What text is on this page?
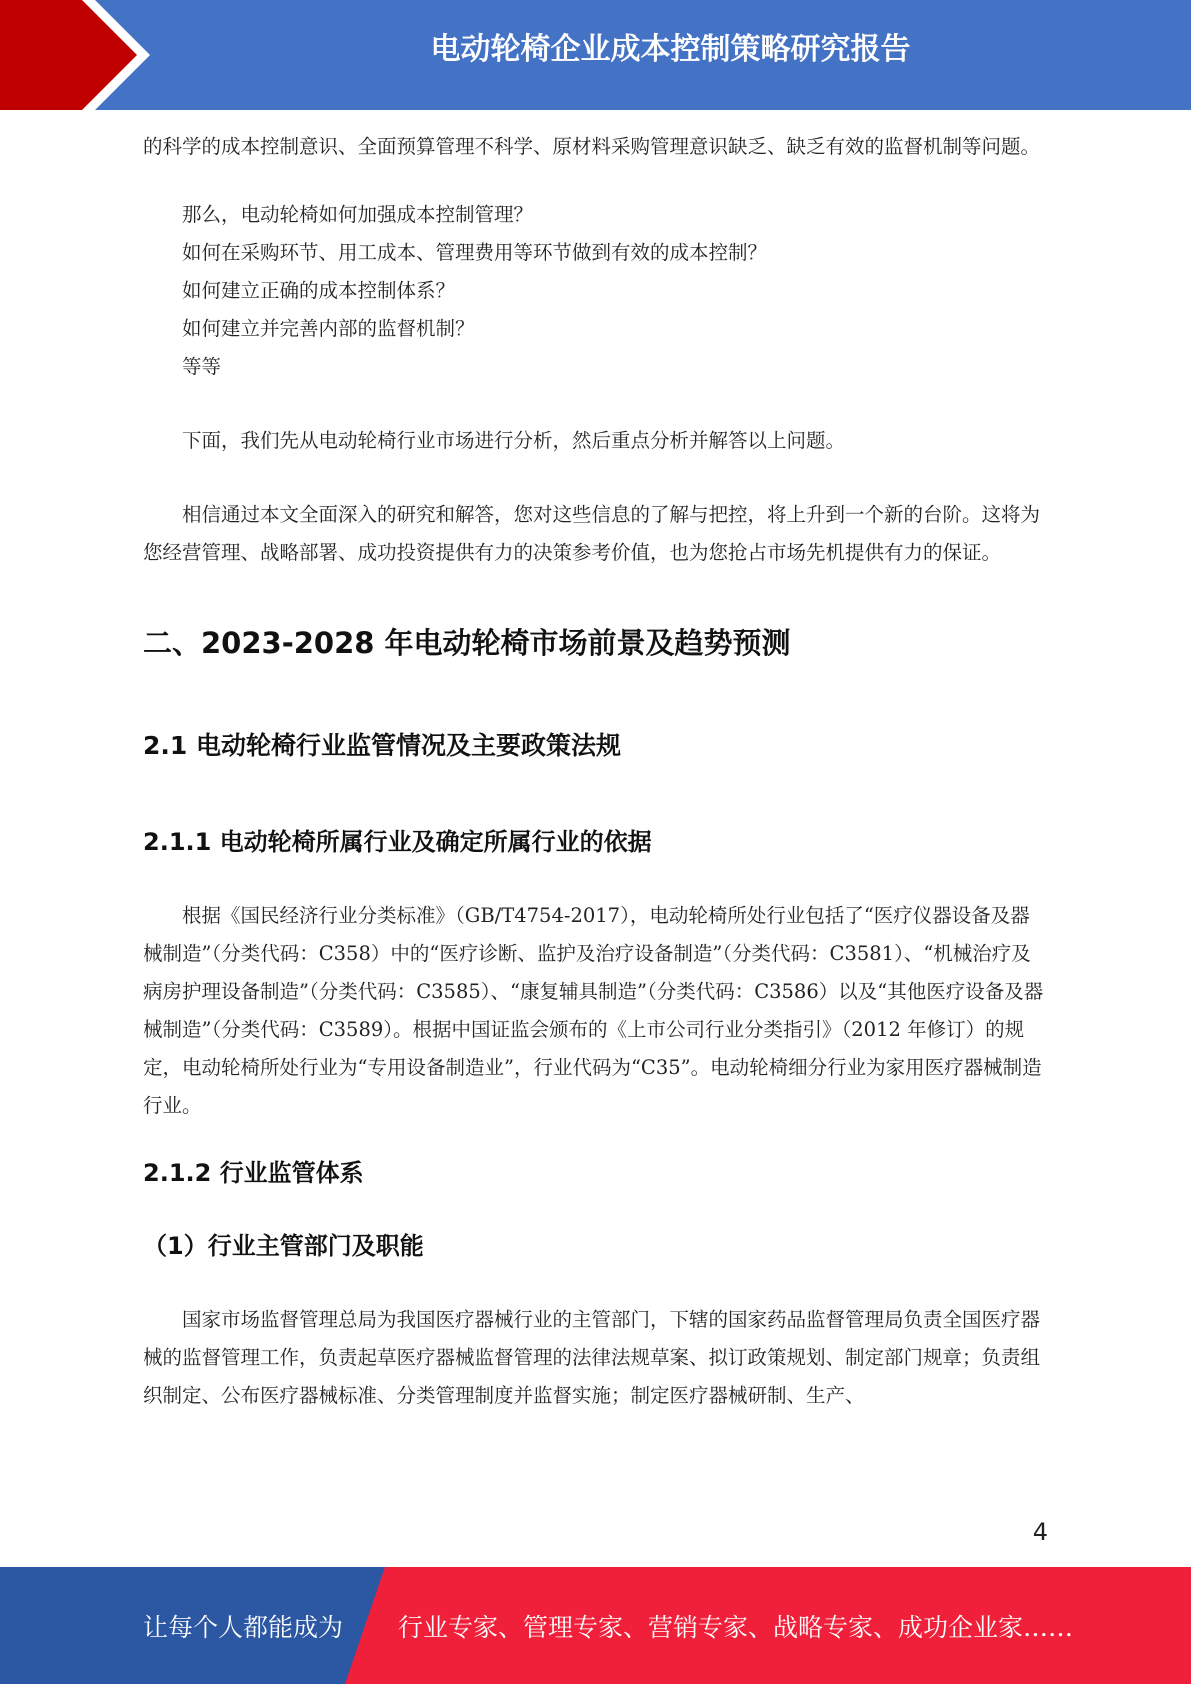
电动轮椅企业成本控制策略研究报告

的科学的成本控制意识、全面预算管理不科学、原材料采购管理意识缺乏、缺乏有效的监督机制等问题。

那么，电动轮椅如何加强成本控制管理？

如何在采购环节、用工成本、管理费用等环节做到有效的成本控制？

如何建立正确的成本控制体系？

如何建立并完善内部的监督机制？

等等

下面，我们先从电动轮椅行业市场进行分析，然后重点分析并解答以上问题。

相信通过本文全面深入的研究和解答，您对这些信息的了解与把控，将上升到一个新的台阶。这将为您经营管理、战略部署、成功投资提供有力的决策参考价值，也为您抢占市场先机提供有力的保证。

二、2023-2028 年电动轮椅市场前景及趋势预测
2.1 电动轮椅行业监管情况及主要政策法规
2.1.1 电动轮椅所属行业及确定所属行业的依据

根据《国民经济行业分类标准》（GB/T4754-2017），电动轮椅所处行业包括了“医疗仪器设备及器械制造”（分类代码：C358）中的“医疗诊断、监护及治疗设备制造”（分类代码：C3581）、“机械治疗及病房护理设备制造”（分类代码：C3585）、“康复辅具制造”（分类代码：C3586）以及“其他医疗设备及器械制造”（分类代码：C3589）。根据中国证监会颁布的《上市公司行业分类指引》（2012 年修订）的规定，电动轮椅所处行业为“专用设备制造业”，行业代码为“C35”。电动轮椅细分行业为家用医疗器械制造行业。

2.1.2 行业监管体系
（1）行业主管部门及职能

国家市场监督管理总局为我国医疗器械行业的主管部门，下辖的国家药品监督管理局负责全国医疗器械的监督管理工作，负责起草医疗器械监督管理的法律法规草案、拟订政策规划、制定部门规章；负责组织制定、公布医疗器械标准、分类管理制度并监督实施；制定医疗器械研制、生产、

4
让每个人都能成为 行业专家、管理专家、营销专家、战略专家、成功企业家……
